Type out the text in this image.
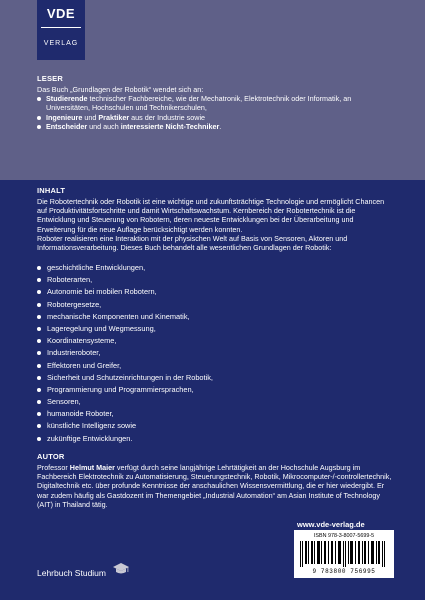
VDE
VERLAG
LESER

Das Buch „Grundlagen der Robotik“ wendet sich an:

Studierende technischer Fachbereiche, wie der Mechatronik, Elektrotechnik oder Informatik, an Universitäten, Hochschulen und Technikerschulen,
Ingenieure und Praktiker aus der Industrie sowie
Entscheider und auch interessierte Nicht-Techniker.
INHALT

Die Robotertechnik oder Robotik ist eine wichtige und zukunftsträchtige Technologie und ermöglicht Chancen auf Produktivitätsfortschritte und damit Wirtschaftswachstum. Kernbereich der Robotertechnik ist die Entwicklung und Steuerung von Robotern, deren neueste Entwicklungen bei der Überarbeitung und Erweiterung für die neue Auflage berücksichtigt werden konnten.

Roboter realisieren eine Interaktion mit der physischen Welt auf Basis von Sensoren, Aktoren und Informationsverarbeitung. Dieses Buch behandelt alle wesentlichen Grundlagen der Robotik:

geschichtliche Entwicklungen,
Roboterarten,
Autonomie bei mobilen Robotern,
Robotergesetze,
mechanische Komponenten und Kinematik,
Lageregelung und Wegmessung,
Koordinatensysteme,
Industrieroboter,
Effektoren und Greifer,
Sicherheit und Schutzeinrichtungen in der Robotik,
Programmierung und Programmiersprachen,
Sensoren,
humanoide Roboter,
künstliche Intelligenz sowie
zukünftige Entwicklungen.
AUTOR

Professor Helmut Maier verfügt durch seine langjährige Lehrtätigkeit an der Hochschule Augsburg im Fachbereich Elektrotechnik zu Automatisierung, Steuerungstechnik, Robotik, Mikrocomputer-/-controllertechnik, Digitaltechnik etc. über profunde Kenntnisse der anschaulichen Wissensvermittlung, die er hier wiedergibt. Er war zudem häufig als Gastdozent im Themengebiet „Industrial Automation“ am Asian Institute of Technology (AIT) in Thailand tätig.

www.vde-verlag.de
ISBN 978-3-8007-5699-5
9 783800 756995
Lehrbuch Studium
